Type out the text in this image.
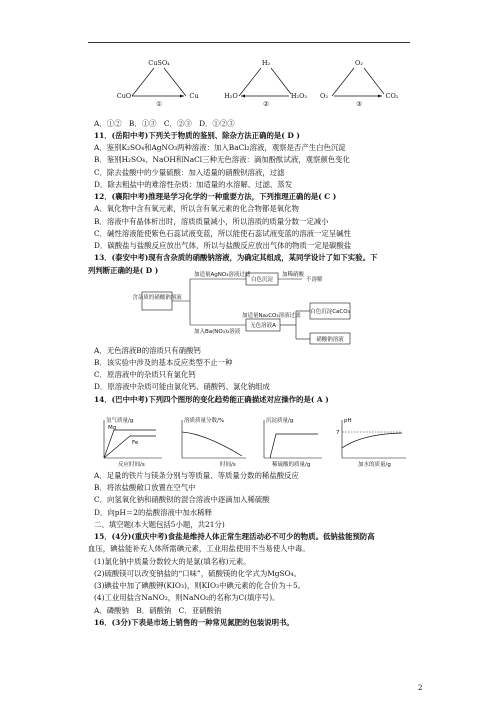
CuSO₄
CuO	Cu
①
H₂
H₂O	H₂O₂
②
O₂
O₂	CO₂
③
A．①②　B．①③　C．②③　D．①②③
11．(岳阳中考)下列关于物质的鉴别、除杂方法正确的是( D )
A．鉴别K₂SO₄和AgNO₃两种溶液：加入BaCl₂溶液，观察是否产生白色沉淀
B．鉴别H₂SO₄、NaOH和NaCl三种无色溶液：滴加酚酞试液，观察颜色变化
C．除去盐酸中的少量硫酸：加入适量的硝酸钡溶液，过滤
D．除去粗盐中的难溶性杂质：加适量的水溶解、过滤、蒸发
12．(襄阳中考)推理是学习化学的一种重要方法，下列推理正确的是( C )
A．氧化物中含有氧元素，所以含有氧元素的化合物都是氧化物
B．溶液中有晶体析出时，溶质质量减小，所以溶质的质量分数一定减小
C．碱性溶液能使紫色石蕊试液变蓝，所以能使石蕊试液变蓝的溶液一定呈碱性
D．碳酸盐与盐酸反应放出气体，所以与盐酸反应放出气体的物质一定是碳酸盐
13．(泰安中考)现有含杂质的硝酸钠溶液，为确定其组成，某同学设计了如下实验。下
列判断正确的是( D )
含杂质的硝酸钠溶液
加适量AgNO₃溶液过滤
白色沉淀
加稀硝酸
不溶解
加入Ba(NO₃)₂溶液
无色溶液A
加适量Na₂CO₃溶液过滤
白色沉淀CaCO₃
硝酸钠溶液
A．无色溶液B的溶质只有硝酸钙
B．该实验中涉及的基本反应类型不止一种
C．原溶液中的杂质只有氯化钙
D．原溶液中杂质可能由氯化钙、硝酸钙、氯化钠组成
14．(巴中中考)下列四个图形的变化趋势能正确描述对应操作的是( A )
氢气质量/g
Mg
Fe
反应时间/s
溶质质量分数/%
时间/s
沉淀质量/g
稀硫酸的质量/g
pH
7
加水的质量/g
A．足量的铁片与镁条分别与等质量、等质量分数的稀盐酸反应
B．将浓盐酸敞口放置在空气中
C．向氢氧化钠和硝酸钡的混合溶液中逐滴加入稀硫酸
D．向pH＝2的盐酸溶液中加水稀释
二、填空题(本大题包括5小题，共21分)
15．(4分)(重庆中考)食盐是维持人体正常生理活动必不可少的物质。低钠盐能预防高
血压，碘盐能补充人体所需碘元素，工业用盐使用不当易使人中毒。
(1)氯化钠中质量分数较大的是氯(填名称)元素。
(2)硫酸镁可以改变钠盐的“口味”，硫酸镁的化学式为MgSO₄。
(3)碘盐中加了碘酸钾(KIO₃)，则KIO₃中碘元素的化合价为＋5。
(4)工业用盐含NaNO₂，则NaNO₂的名称为C(填序号)。
A．磷酸钠　B．硝酸钠　C．亚硝酸钠
16．(3分)下表是市场上销售的一种常见氮肥的包装说明书。
2
